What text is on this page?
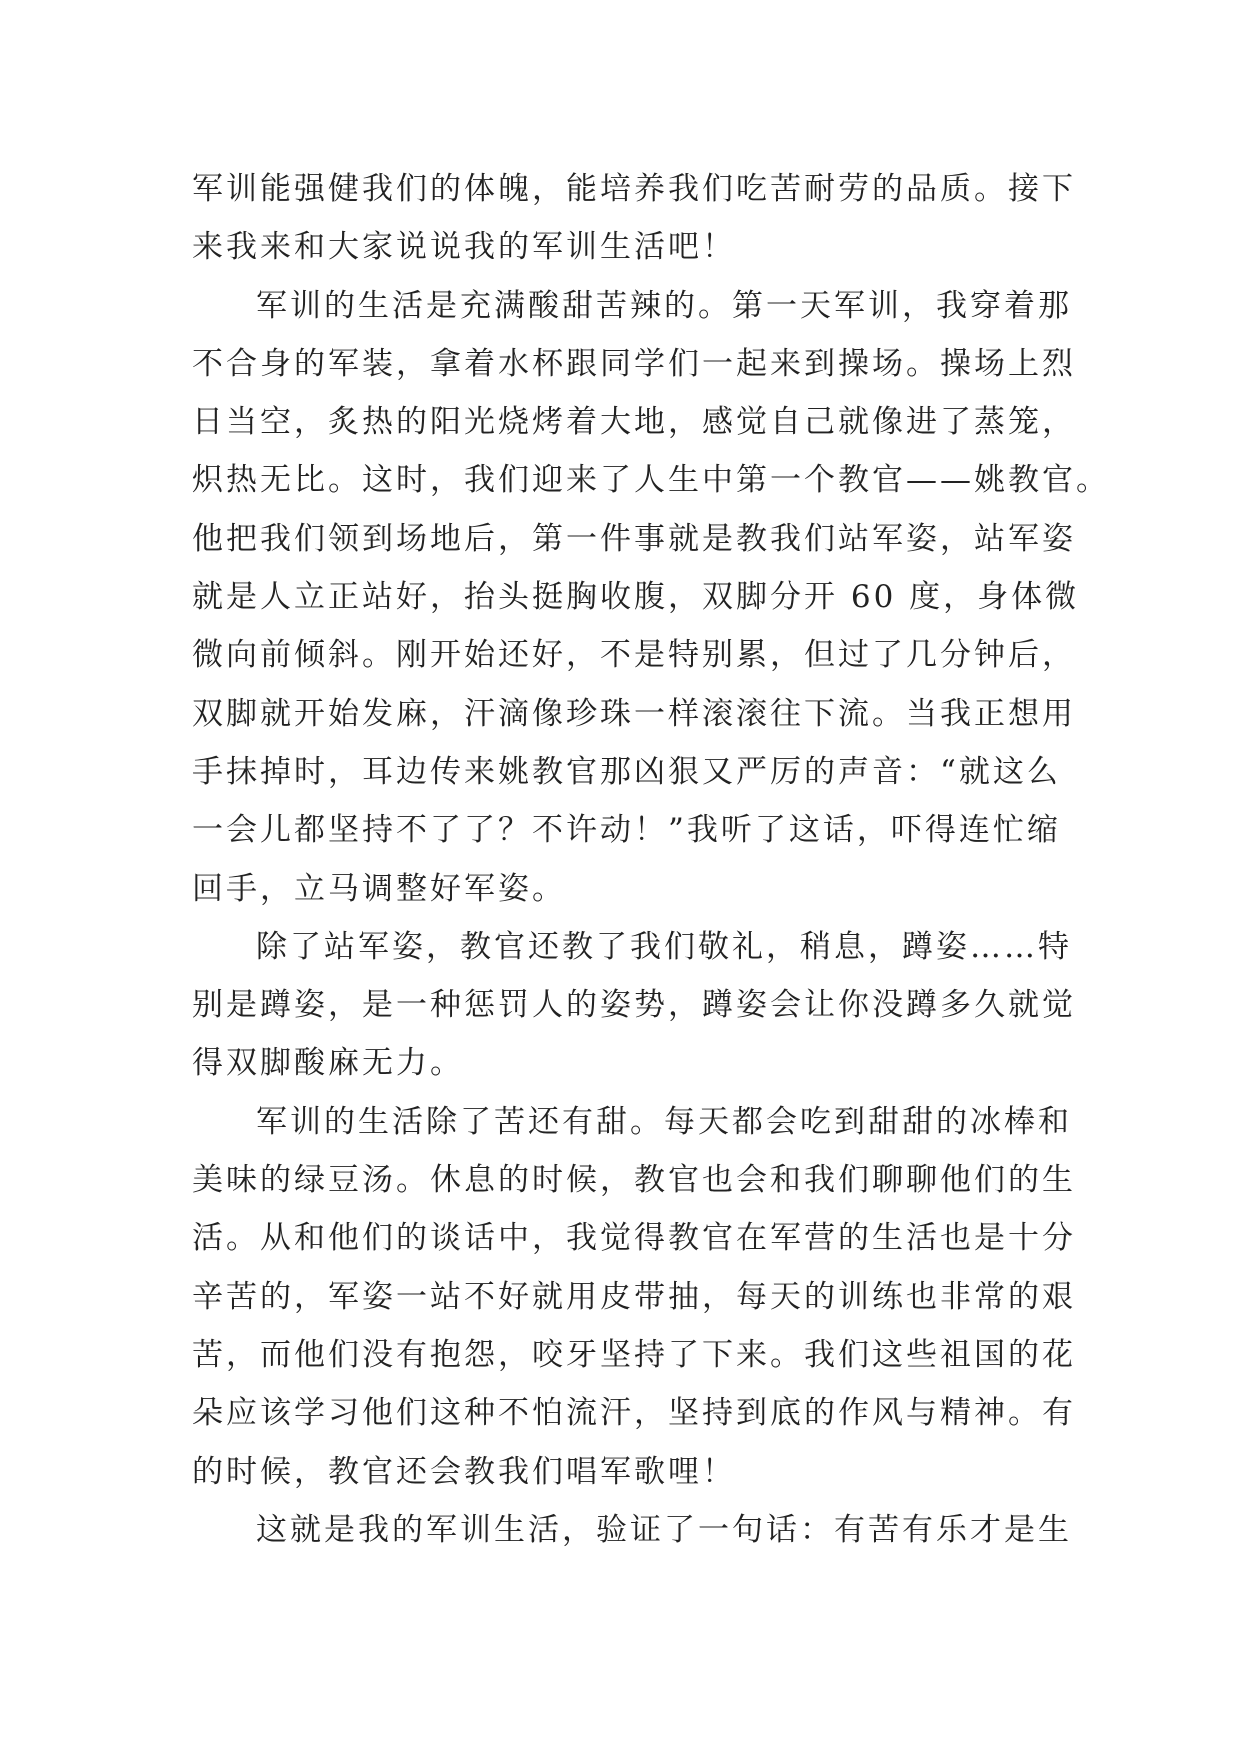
军训能强健我们的体魄，能培养我们吃苦耐劳的品质。接下
来我来和大家说说我的军训生活吧！
军训的生活是充满酸甜苦辣的。第一天军训，我穿着那
不合身的军装，拿着水杯跟同学们一起来到操场。操场上烈
日当空，炙热的阳光烧烤着大地，感觉自己就像进了蒸笼，
炽热无比。这时，我们迎来了人生中第一个教官——姚教官。
他把我们领到场地后，第一件事就是教我们站军姿，站军姿
就是人立正站好，抬头挺胸收腹，双脚分开 60 度，身体微
微向前倾斜。刚开始还好，不是特别累，但过了几分钟后，
双脚就开始发麻，汗滴像珍珠一样滚滚往下流。当我正想用
手抹掉时，耳边传来姚教官那凶狠又严厉的声音：“就这么
一会儿都坚持不了了？不许动！”我听了这话，吓得连忙缩
回手，立马调整好军姿。
除了站军姿，教官还教了我们敬礼，稍息，蹲姿……特
别是蹲姿，是一种惩罚人的姿势，蹲姿会让你没蹲多久就觉
得双脚酸麻无力。
军训的生活除了苦还有甜。每天都会吃到甜甜的冰棒和
美味的绿豆汤。休息的时候，教官也会和我们聊聊他们的生
活。从和他们的谈话中，我觉得教官在军营的生活也是十分
辛苦的，军姿一站不好就用皮带抽，每天的训练也非常的艰
苦，而他们没有抱怨，咬牙坚持了下来。我们这些祖国的花
朵应该学习他们这种不怕流汗，坚持到底的作风与精神。有
的时候，教官还会教我们唱军歌哩！
这就是我的军训生活，验证了一句话：有苦有乐才是生
